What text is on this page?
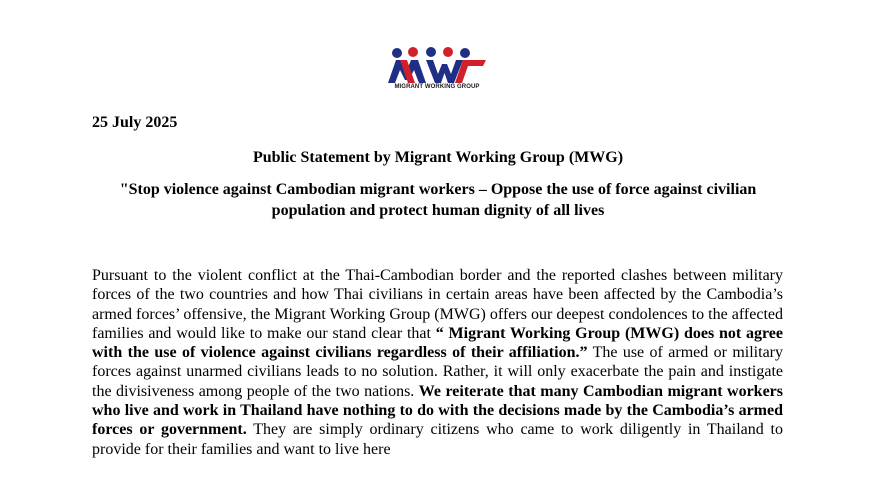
MIGRANT WORKING GROUP
25 July 2025
Public Statement by Migrant Working Group (MWG)
"Stop violence against Cambodian migrant workers – Oppose the use of force against civilian population and protect human dignity of all lives
Pursuant to the violent conflict at the Thai-Cambodian border and the reported clashes between military forces of the two countries and how Thai civilians in certain areas have been affected by the Cambodia’s armed forces’ offensive, the Migrant Working Group (MWG) offers our deepest condolences to the affected families and would like to make our stand clear that “ Migrant Working Group (MWG) does not agree with the use of violence against civilians regardless of their affiliation.” The use of armed or military forces against unarmed civilians leads to no solution. Rather, it will only exacerbate the pain and instigate the divisiveness among people of the two nations. We reiterate that many Cambodian migrant workers who live and work in Thailand have nothing to do with the decisions made by the Cambodia’s armed forces or government. They are simply ordinary citizens who came to work diligently in Thailand to provide for their families and want to live here
